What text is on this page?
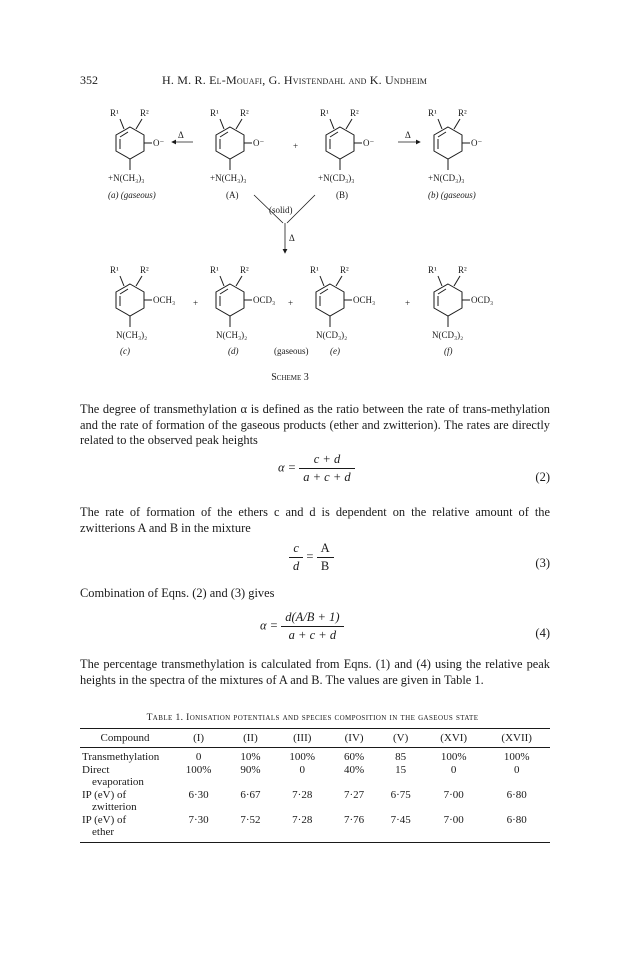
352	H. M. R. El-Mouafi, G. Hvistendahl and K. Undheim
R¹ R²
O⁻
+N(CH₃)₃
(a) (gaseous)
Δ
R¹ R²
O⁻
+N(CH₃)₃
(A)
+
R¹ R²
O⁻
+N(CD₃)₃
(B)
Δ
R¹ R²
O⁻
+N(CD₃)₃
(b) (gaseous)
(solid)
Δ
R¹ R²
OCH₃
N(CH₃)₂
(c)
+
R¹ R²
OCD₃
N(CH₃)₂
(d)
+
R¹ R²
OCH₃
N(CD₃)₂
(e)
(gaseous)
+
R¹ R²
OCD₃
N(CD₃)₂
(f)
Scheme 3
The degree of transmethylation α is defined as the ratio between the rate of trans-methylation and the rate of formation of the gaseous products (ether and zwitterion). The rates are directly related to the observed peak heights
$\alpha = \frac{c + d}{a + c + d}$	(2)
The rate of formation of the ethers c and d is dependent on the relative amount of the zwitterions A and B in the mixture
$\frac{c}{d} = \frac{A}{B}$	(3)
Combination of Eqns. (2) and (3) gives
$\alpha = \frac{d(A/B + 1)}{a + c + d}$	(4)
The percentage transmethylation is calculated from Eqns. (1) and (4) using the relative peak heights in the spectra of the mixtures of A and B. The values are given in Table 1.
Table 1. Ionisation potentials and species composition in the gaseous state
Compound	(I)	(II)	(III)	(IV)	(V)	(XVI)	(XVII)
Transmethylation	0	10%	100%	60%	85	100%	100%
Direct
evaporation	100%	90%	0	40%	15	0	0
IP (eV) of
zwitterion	6·30	6·67	7·28	7·27	6·75	7·00	6·80
IP (eV) of
ether	7·30	7·52	7·28	7·76	7·45	7·00	6·80
